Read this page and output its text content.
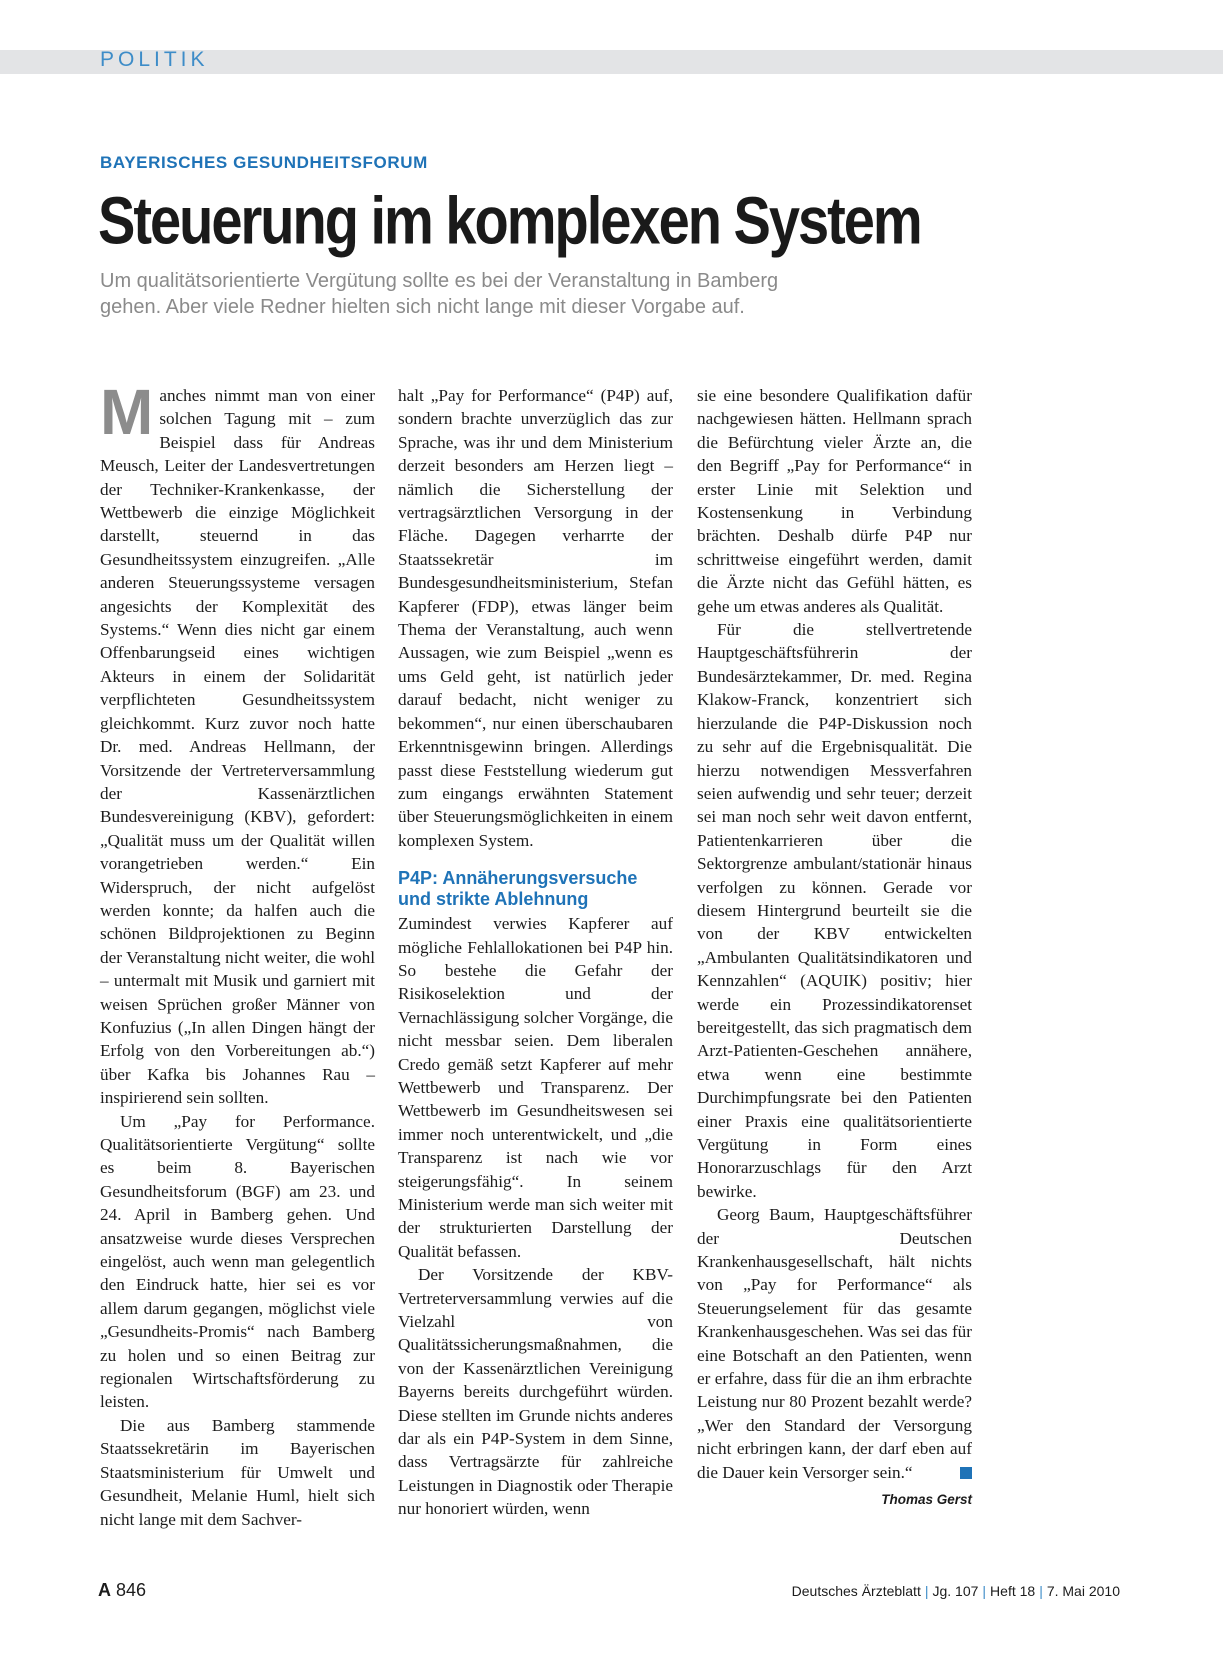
POLITIK
BAYERISCHES GESUNDHEITSFORUM
Steuerung im komplexen System

Um qualitätsorientierte Vergütung sollte es bei der Veranstaltung in Bamberg

gehen. Aber viele Redner hielten sich nicht lange mit dieser Vorgabe auf.

Manches nimmt man von einer solchen Tagung mit – zum Beispiel dass für Andreas Meusch, Leiter der Landesvertretungen der Techniker-Krankenkasse, der Wettbewerb die einzige Möglichkeit darstellt, steuernd in das Gesundheitssystem einzugreifen. „Alle anderen Steuerungssysteme versagen angesichts der Komplexität des Systems.“ Wenn dies nicht gar einem Offenbarungseid eines wichtigen Akteurs in einem der Solidarität verpflichteten Gesundheitssystem gleichkommt. Kurz zuvor noch hatte Dr. med. Andreas Hellmann, der Vorsitzende der Vertreterversammlung der Kassenärztlichen Bundesvereinigung (KBV), gefordert: „Qualität muss um der Qualität willen vorangetrieben werden.“ Ein Widerspruch, der nicht aufgelöst werden konnte; da halfen auch die schönen Bildprojektionen zu Beginn der Veranstaltung nicht weiter, die wohl – untermalt mit Musik und garniert mit weisen Sprüchen großer Männer von Konfuzius („In allen Dingen hängt der Erfolg von den Vorbereitungen ab.“) über Kafka bis Johannes Rau – inspirierend sein sollten.

Um „Pay for Performance. Qualitätsorientierte Vergütung“ sollte es beim 8. Bayerischen Gesundheitsforum (BGF) am 23. und 24. April in Bamberg gehen. Und ansatzweise wurde dieses Versprechen eingelöst, auch wenn man gelegentlich den Eindruck hatte, hier sei es vor allem darum gegangen, möglichst viele „Gesundheits-Promis“ nach Bamberg zu holen und so einen Beitrag zur regionalen Wirtschaftsförderung zu leisten.

Die aus Bamberg stammende Staatssekretärin im Bayerischen Staatsministerium für Umwelt und Gesundheit, Melanie Huml, hielt sich nicht lange mit dem Sachver-

halt „Pay for Performance“ (P4P) auf, sondern brachte unverzüglich das zur Sprache, was ihr und dem Ministerium derzeit besonders am Herzen liegt – nämlich die Sicherstellung der vertragsärztlichen Versorgung in der Fläche. Dagegen verharrte der Staatssekretär im Bundesgesundheitsministerium, Stefan Kapferer (FDP), etwas länger beim Thema der Veranstaltung, auch wenn Aussagen, wie zum Beispiel „wenn es ums Geld geht, ist natürlich jeder darauf bedacht, nicht weniger zu bekommen“, nur einen überschaubaren Erkenntnisgewinn bringen. Allerdings passt diese Feststellung wiederum gut zum eingangs erwähnten Statement über Steuerungsmöglichkeiten in einem komplexen System.

P4P: Annäherungsversuche und strikte Ablehnung

Zumindest verwies Kapferer auf mögliche Fehlallokationen bei P4P hin. So bestehe die Gefahr der Risikoselektion und der Vernachlässigung solcher Vorgänge, die nicht messbar seien. Dem liberalen Credo gemäß setzt Kapferer auf mehr Wettbewerb und Transparenz. Der Wettbewerb im Gesundheitswesen sei immer noch unterentwickelt, und „die Transparenz ist nach wie vor steigerungsfähig“. In seinem Ministerium werde man sich weiter mit der strukturierten Darstellung der Qualität befassen.

Der Vorsitzende der KBV-Vertreterversammlung verwies auf die Vielzahl von Qualitätssicherungsmaßnahmen, die von der Kassenärztlichen Vereinigung Bayerns bereits durchgeführt würden. Diese stellten im Grunde nichts anderes dar als ein P4P-System in dem Sinne, dass Vertragsärzte für zahlreiche Leistungen in Diagnostik oder Therapie nur honoriert würden, wenn

sie eine besondere Qualifikation dafür nachgewiesen hätten. Hellmann sprach die Befürchtung vieler Ärzte an, die den Begriff „Pay for Performance“ in erster Linie mit Selektion und Kostensenkung in Verbindung brächten. Deshalb dürfe P4P nur schrittweise eingeführt werden, damit die Ärzte nicht das Gefühl hätten, es gehe um etwas anderes als Qualität.

Für die stellvertretende Hauptgeschäftsführerin der Bundesärztekammer, Dr. med. Regina Klakow-Franck, konzentriert sich hierzulande die P4P-Diskussion noch zu sehr auf die Ergebnisqualität. Die hierzu notwendigen Messverfahren seien aufwendig und sehr teuer; derzeit sei man noch sehr weit davon entfernt, Patientenkarrieren über die Sektorgrenze ambulant/stationär hinaus verfolgen zu können. Gerade vor diesem Hintergrund beurteilt sie die von der KBV entwickelten „Ambulanten Qualitätsindikatoren und Kennzahlen“ (AQUIK) positiv; hier werde ein Prozessindikatorenset bereitgestellt, das sich pragmatisch dem Arzt-Patienten-Geschehen annähere, etwa wenn eine bestimmte Durchimpfungsrate bei den Patienten einer Praxis eine qualitätsorientierte Vergütung in Form eines Honorarzuschlags für den Arzt bewirke.

Georg Baum, Hauptgeschäftsführer der Deutschen Krankenhausgesellschaft, hält nichts von „Pay for Performance“ als Steuerungselement für das gesamte Krankenhausgeschehen. Was sei das für eine Botschaft an den Patienten, wenn er erfahre, dass für die an ihm erbrachte Leistung nur 80 Prozent bezahlt werde? „Wer den Standard der Versorgung nicht erbringen kann, der darf eben auf die Dauer kein Versorger sein.“

Thomas Gerst
A 846	Deutsches Ärzteblatt | Jg. 107 | Heft 18 | 7. Mai 2010
